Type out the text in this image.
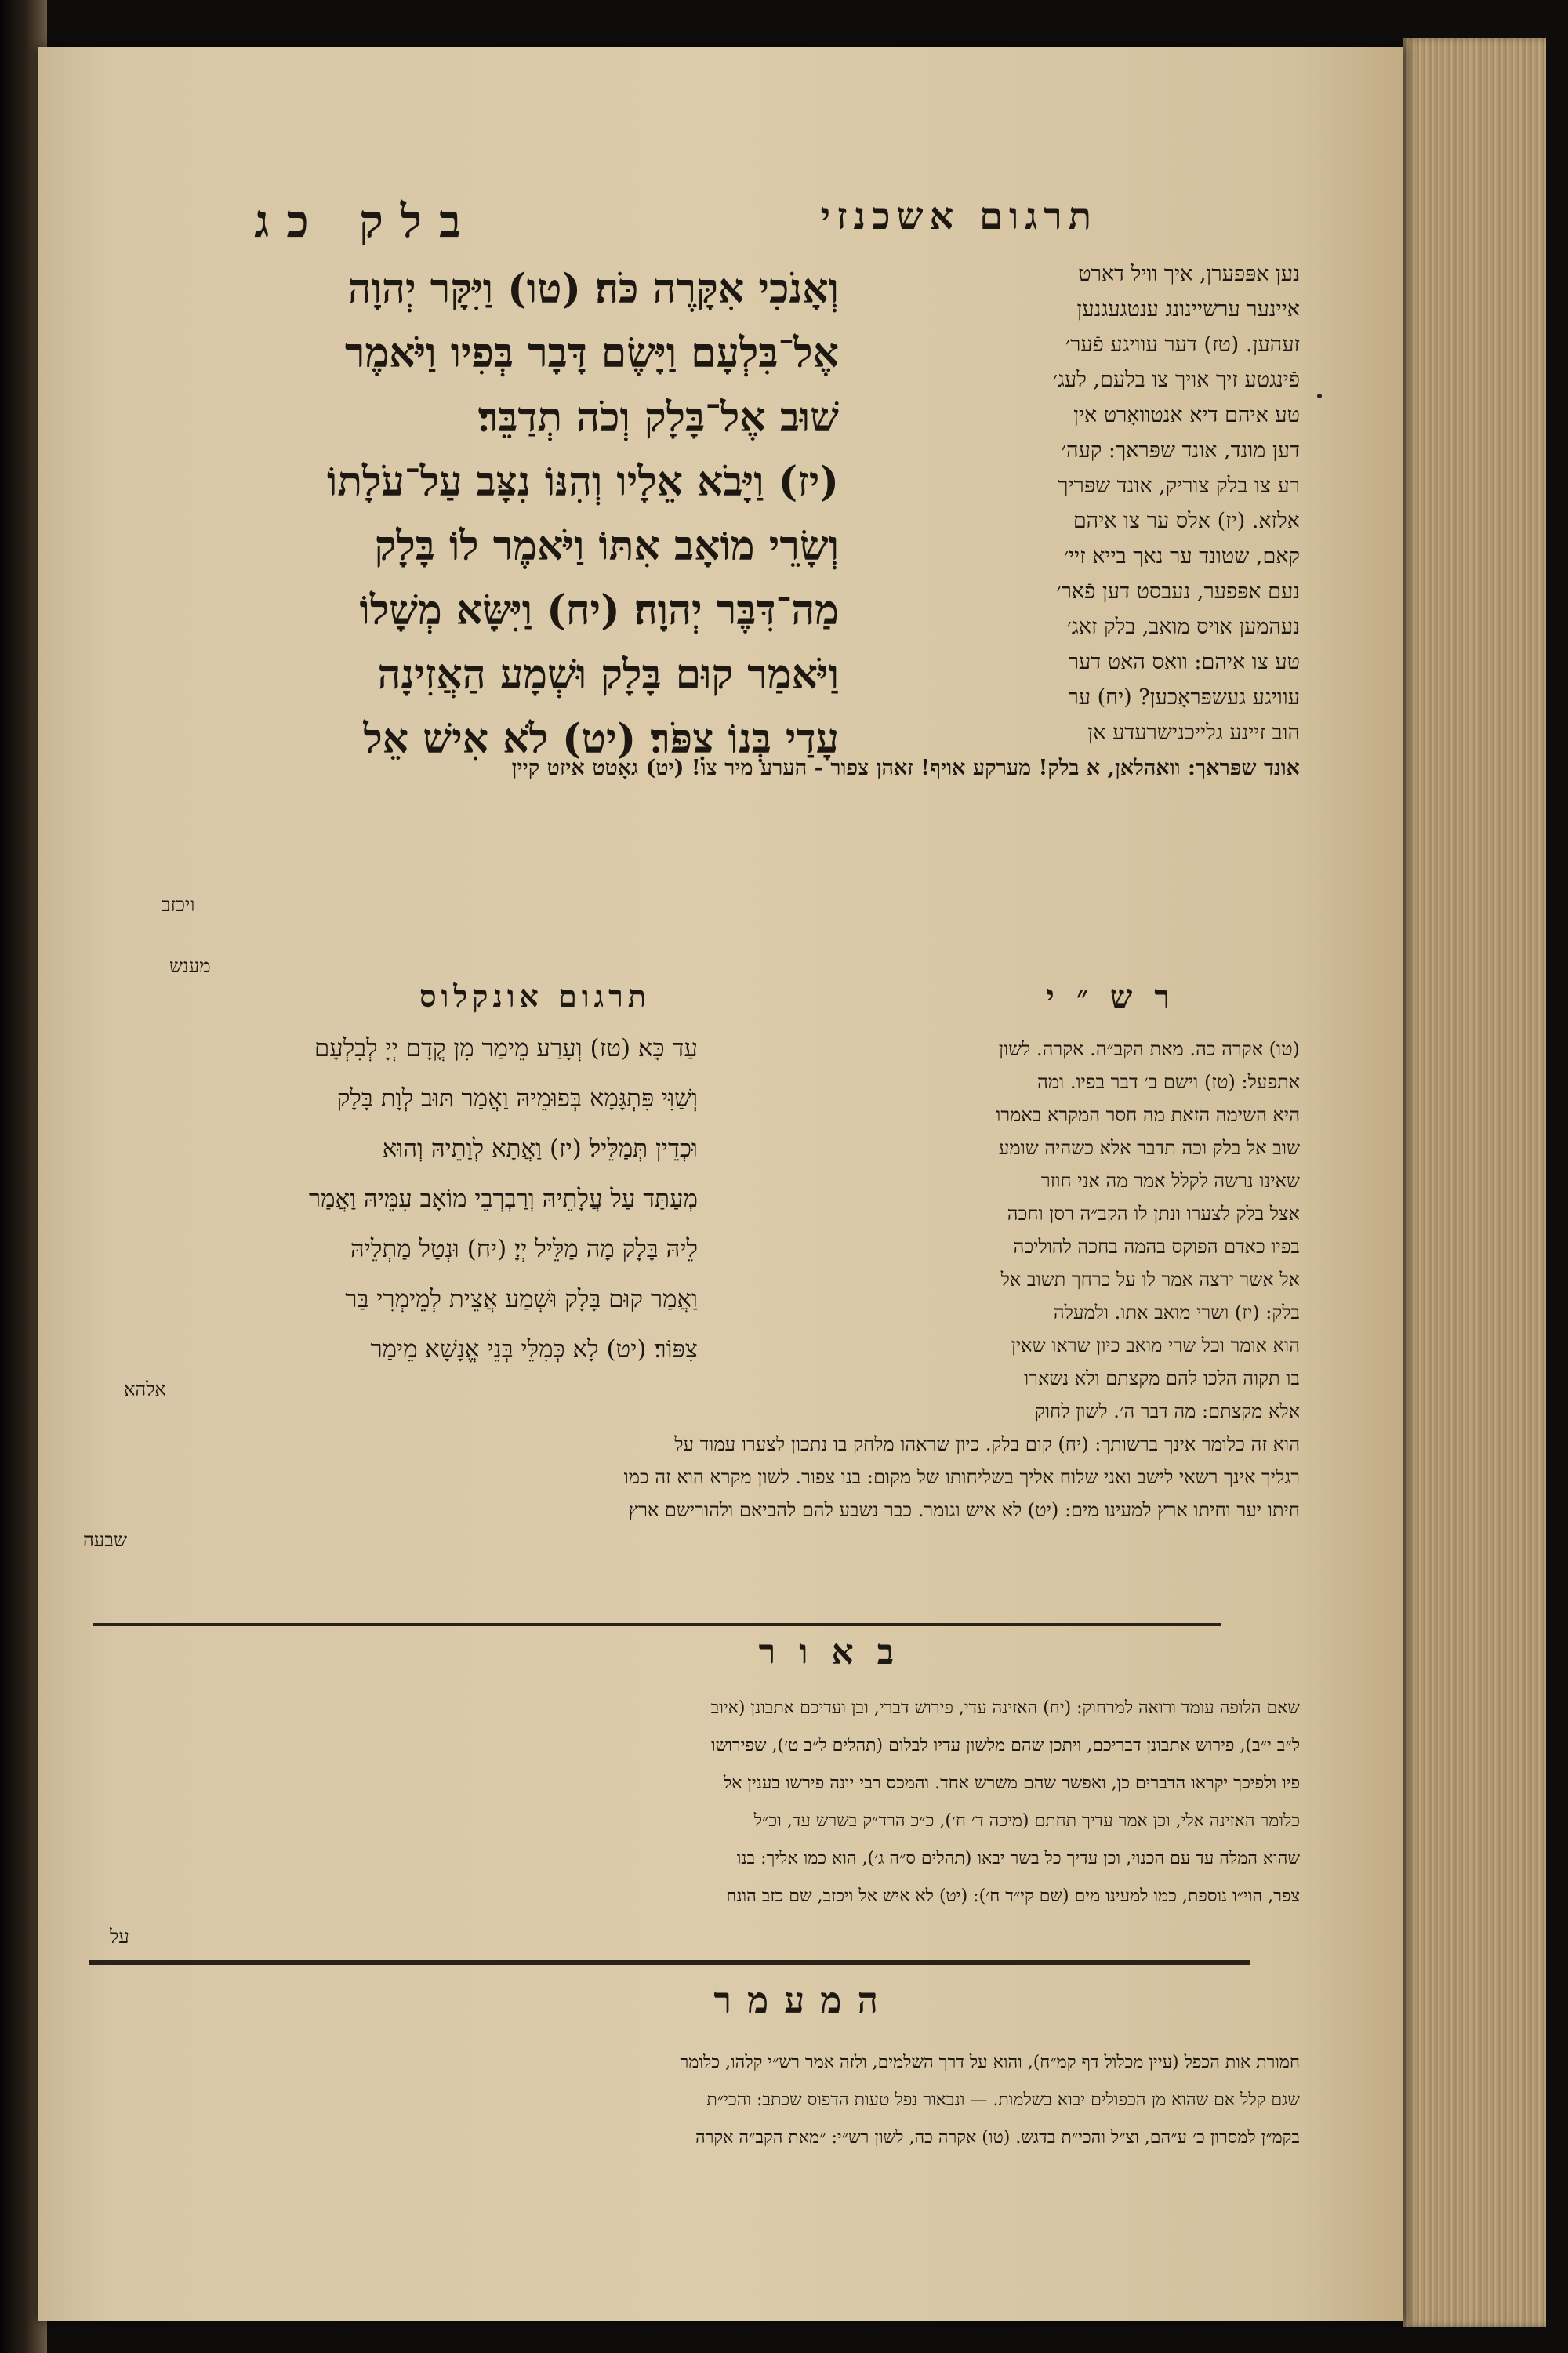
תרגום אשכנזי
בלק כג
וְאָנֹכִי אִקָּרֶה כֹּה׃ (טו) וַיִּקָּר יְהוָה
אֶל־בִּלְעָם וַיָּשֶׂם דָּבָר בְּפִיו וַיֹּאמֶר
שׁוּב אֶל־בָּלָק וְכֹה תְדַבֵּר׃
(יז) וַיָּבֹא אֵלָיו וְהִנּוֹ נִצָּב עַל־עֹלָתוֹ
וְשָׂרֵי מוֹאָב אִתּוֹ וַיֹּאמֶר לוֹ בָּלָק
מַה־דִּבֶּר יְהוָה׃ (יח) וַיִּשָּׂא מְשָׁלוֹ
וַיֹּאמַר קוּם בָּלָק וּשְׁמָע הַאֲזִינָה
עָדַי בְּנוֹ צִפֹּר׃ (יט) לֹא אִישׁ אֵל
ויכזב
נען אפּפערן, איך וויל דארט
איינער ערשיינונג ענטגעגנען
זעהען. (טז) דער עוויגע פֿער׳
פֿינגטע זיך אויך צו בלעם, לעג׳
טע איהם דיא אנטוואָרט אין
דען מונד, אונד שפּראך: קעה׳
רע צו בלק צוריק, אונד שפּריך
אלזא. (יז) אלס ער צו איהם
קאם, שטונד ער נאך בייא זיי׳
נעם אפּפער, נעבסט דען פֿאר׳
נעהמען אויס מואב, בלק זאג׳
טע צו איהם: וואס האט דער
עוויגע געשפּראָכען? (יח) ער
הוב זיינע גלייכנישרעדע אן
אונד שפּראך: וואהלאן, א בלק! מערקע אויף! זאהן צפור - הערע מיר צו! (יט) גאָטט איזט קיין
מענש
רש״י
תרגום אונקלוס
(טו) אקרה כה. מאת הקב״ה. אקרה. לשון
אתפעל: (טז) וישם ב׳ דבר בפיו. ומה
היא השימה הזאת מה חסר המקרא באמרו
שוב אל בלק וכה תדבר אלא כשהיה שומע
שאינו נרשה לקלל אמר מה אני חוזר
אצל בלק לצערו ונתן לו הקב״ה רסן וחכה
בפיו כאדם הפוקס בהמה בחכה להוליכה
אל אשר ירצה אמר לו על כרחך תשוב אל
בלק: (יז) ושרי מואב אתו. ולמעלה
הוא אומר וכל שרי מואב כיון שראו שאין
בו תקוה הלכו להם מקצתם ולא נשארו
אלא מקצתם: מה דבר ה׳. לשון לחוק
הוא זה כלומר אינך ברשותך: (יח) קום בלק. כיון שראהו מלחק בו נתכון לצערו עמוד על
רגליך אינך רשאי לישב ואני שלוח אליך בשליחותו של מקום: בנו צפור. לשון מקרא הוא זה כמו
חיתו יער וחיתו ארץ למעינו מים: (יט) לא איש וגומר. כבר נשבע להם להביאם ולהורישם ארץ
שבעה
עַד כָּא׃ (טז) וְעָרַע מֵימַר מִן קֳדָם יְיָ לְבִלְעָם
וְשַׁוִּי פִּתְגָּמָא בְּפוּמֵיהּ וַאֲמַר תּוּב לְוָת בָּלָק
וּכְדֵין תְּמַלֵּיל׃ (יז) וַאֲתָא לְוָתֵיהּ וְהוּא
מְעַתַּד עַל עֲלָתֵיהּ וְרַבְרְבֵי מוֹאָב עִמֵּיהּ וַאֲמַר
לֵיהּ בָּלָק מָה מַלֵּיל יְיָ׃ (יח) וּנְטַל מַתְלֵיהּ
וַאֲמַר קוּם בָּלָק וּשְׁמַע אֲצֵית לְמֵימְרִי בַּר
צִפּוֹר׃ (יט) לָא כְּמִלֵּי בְּנֵי אֱנָשָׁא מֵימַר
אלהא
באור
שאם הלופה עומד ורואה למרחוק: (יח) האזינה עדי, פירוש דברי, ובן ועדיכם אתבונן (איוב
ל״ב י״ב), פירוש אתבונן דבריכם, ויתכן שהם מלשון עדיו לבלום (תהלים ל״ב ט׳), שפירושו
פיו ולפיכך יקראו הדברים כן, ואפשר שהם משרש אחד. והמכס רבי יונה פירשו בענין אל
כלומר האזינה אלי, וכן אמר עדיך תחתם (מיכה ד׳ ח׳), כ״כ הרד״ק בשרש עד, וכ״ל
שהוא המלה עד עם הכנוי, וכן עדיך כל בשר יבאו (תהלים ס״ה ג׳), הוא כמו אליך: בנו
צפר, הוי״ו נוספת, כמו למעינו מים (שם קי״ד ח׳): (יט) לא איש אל ויכזב, שם כזב הונח
על
המעמר
חמורת אות הכפל (עיין מכלול דף קמ״ח), והוא על דרך השלמים, ולזה אמר רש״י קלהו, כלומר
שגם קלל אם שהוא מן הכפולים יבוא בשלמות. — ונבאור נפל טעות הדפוס שכתב: והכי״ת
בקמ״ן למסרון כ׳ ע״הם, וצ״ל והכי״ת בדגש. (טו) אקרה כה, לשון רש״י: ״מאת הקב״ה אקרה
